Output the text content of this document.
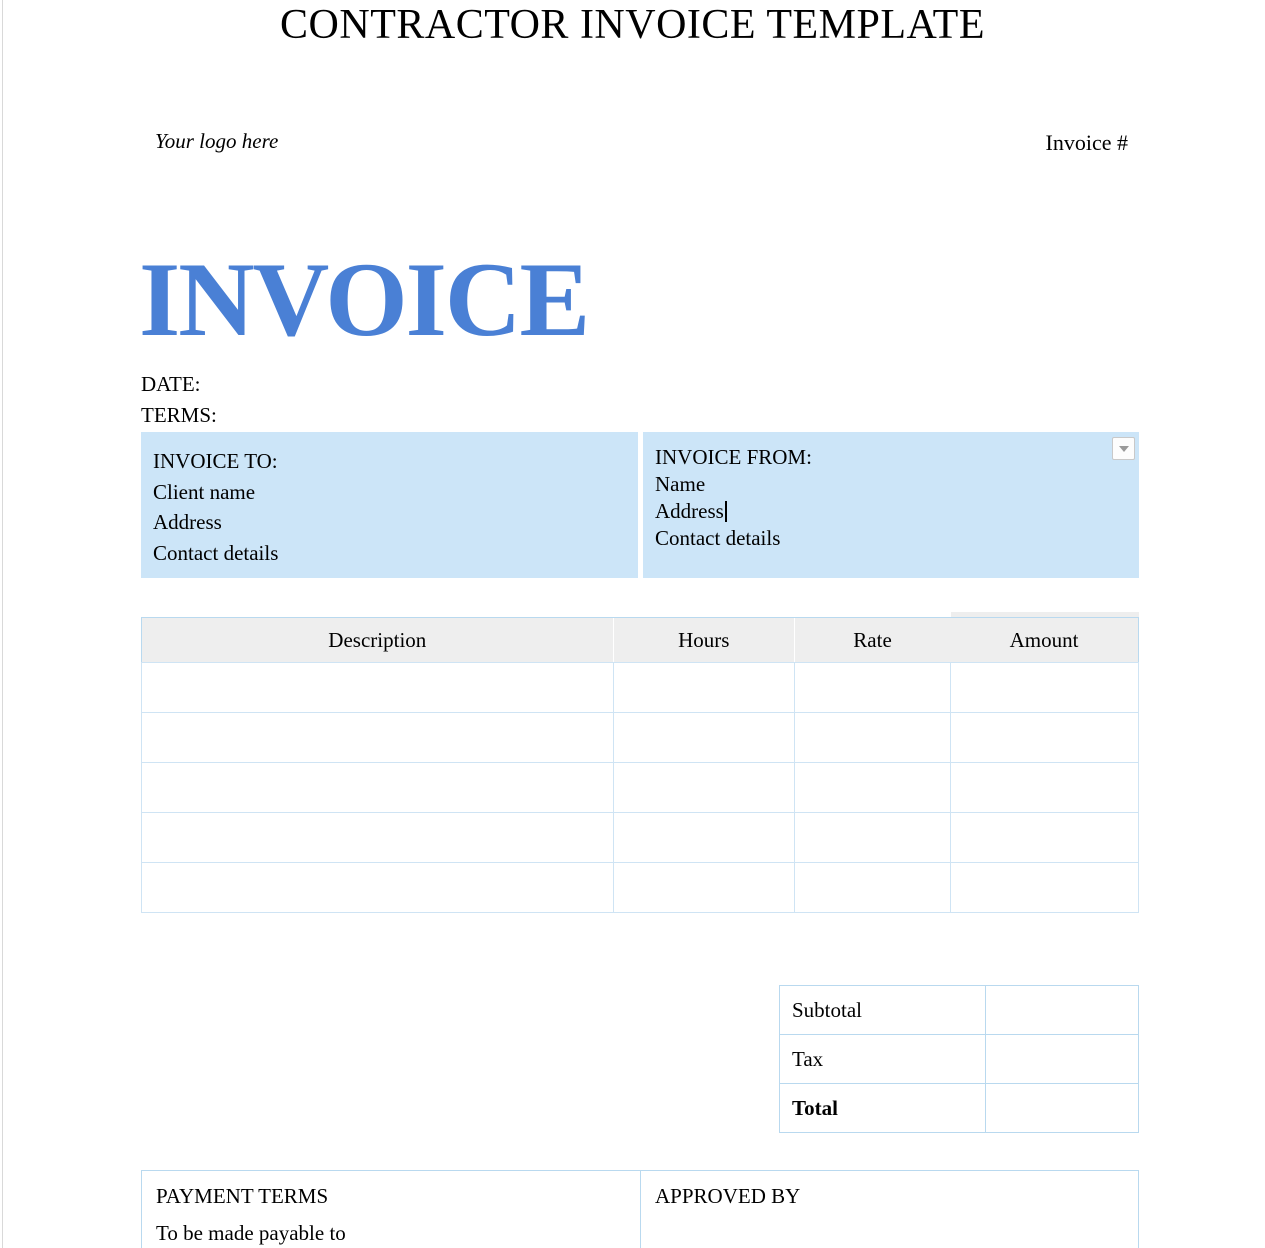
CONTRACTOR INVOICE TEMPLATE
Your logo here	Invoice #
INVOICE
DATE:
TERMS:
INVOICE TO:
Client name
Address
Contact details
INVOICE FROM:
Name
Address
Contact details
Description	Hours	Rate	Amount

Subtotal	
Tax	
Total	
PAYMENT TERMS
To be made payable to
APPROVED BY
